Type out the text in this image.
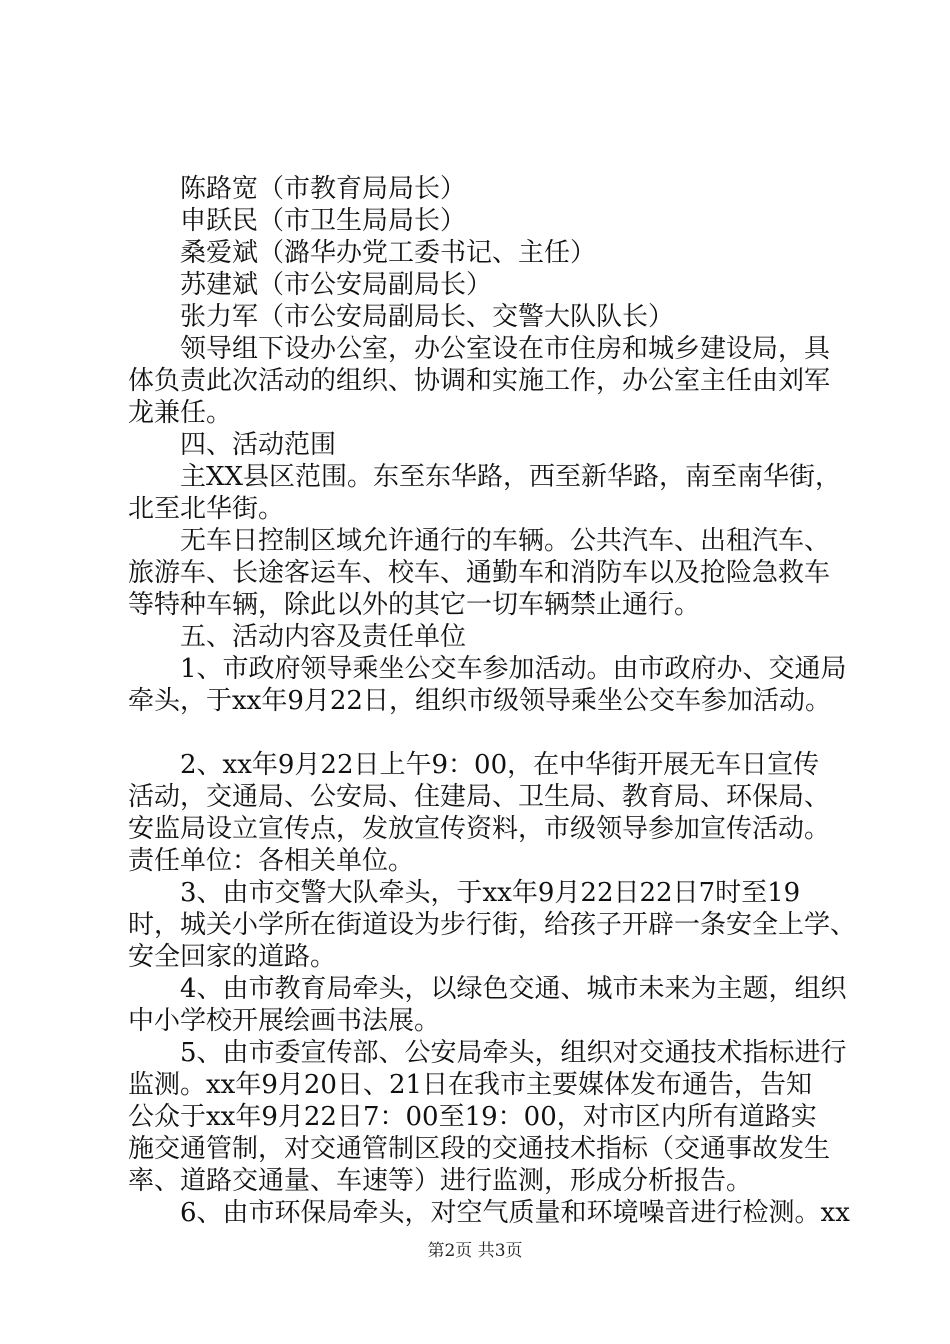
陈路宽（市教育局局长）
申跃民（市卫生局局长）
桑爱斌（潞华办党工委书记、主任）
苏建斌（市公安局副局长）
张力军（市公安局副局长、交警大队队长）
领导组下设办公室，办公室设在市住房和城乡建设局，具
体负责此次活动的组织、协调和实施工作，办公室主任由刘军
龙兼任。
四、活动范围
主XX县区范围。东至东华路，西至新华路，南至南华街，
北至北华街。
无车日控制区域允许通行的车辆。公共汽车、出租汽车、
旅游车、长途客运车、校车、通勤车和消防车以及抢险急救车
等特种车辆，除此以外的其它一切车辆禁止通行。
五、活动内容及责任单位
1、市政府领导乘坐公交车参加活动。由市政府办、交通局
牵头，于xx年9月22日，组织市级领导乘坐公交车参加活动。
2、xx年9月22日上午9：00，在中华街开展无车日宣传
活动，交通局、公安局、住建局、卫生局、教育局、环保局、
安监局设立宣传点，发放宣传资料，市级领导参加宣传活动。
责任单位：各相关单位。
3、由市交警大队牵头，于xx年9月22日22日7时至19
时，城关小学所在街道设为步行街，给孩子开辟一条安全上学、
安全回家的道路。
4、由市教育局牵头，以绿色交通、城市未来为主题，组织
中小学校开展绘画书法展。
5、由市委宣传部、公安局牵头，组织对交通技术指标进行
监测。xx年9月20日、21日在我市主要媒体发布通告，告知
公众于xx年9月22日7：00至19：00，对市区内所有道路实
施交通管制，对交通管制区段的交通技术指标（交通事故发生
率、道路交通量、车速等）进行监测，形成分析报告。
6、由市环保局牵头，对空气质量和环境噪音进行检测。xx
第2页 共3页
